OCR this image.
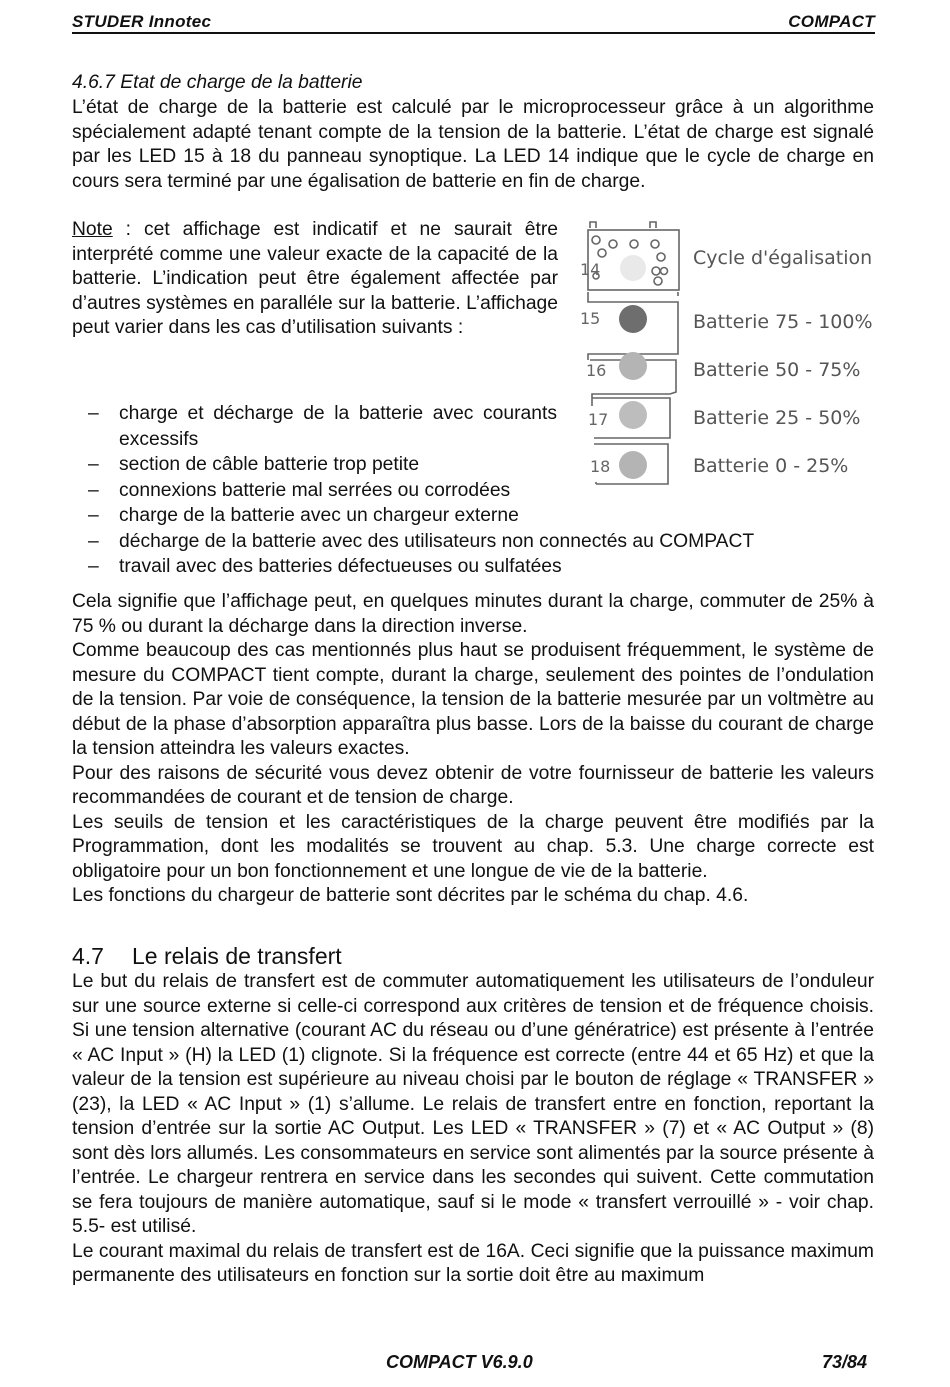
STUDER Innotec	COMPACT
4.6.7 Etat de charge de la batterie

L’état de charge de la batterie est calculé par le microprocesseur grâce à un algorithme spécialement adapté tenant compte de la tension de la batterie. L’état de charge est signalé par les LED 15 à 18 du panneau synoptique. La LED 14 indique que le cycle de charge en cours sera terminé par une égalisation de batterie en fin de charge.

Note : cet affichage est indicatif et ne saurait être interprété comme une valeur exacte de la capacité de la batterie. L’indication peut être également affectée par d’autres systèmes en paralléle sur la batterie. L’affichage peut varier dans les cas d’utilisation suivants :

– charge et décharge de la batterie avec courants excessifs
– section de câble batterie trop petite
– connexions batterie mal serrées ou corrodées
– charge de la batterie avec un chargeur externe
– décharge de la batterie avec des utilisateurs non connectés au COMPACT
– travail avec des batteries défectueuses ou sulfatées

Cela signifie que l’affichage peut, en quelques minutes durant la charge, commuter de 25% à 75 % ou durant la décharge dans la direction inverse.

Comme beaucoup des cas mentionnés plus haut se produisent fréquemment, le système de mesure du COMPACT tient compte, durant la charge, seulement des pointes de l’ondulation de la tension. Par voie de conséquence, la tension de la batterie mesurée par un voltmètre au début de la phase d’absorption apparaîtra plus basse. Lors de la baisse du courant de charge la tension atteindra les valeurs exactes.

Pour des raisons de sécurité vous devez obtenir de votre fournisseur de batterie les valeurs recommandées de courant et de tension de charge.

Les seuils de tension et les caractéristiques de la charge peuvent être modifiés par la Programmation, dont les modalités se trouvent au chap. 5.3. Une charge correcte est obligatoire pour un bon fonctionnement et une longue de vie de la batterie.

Les fonctions du chargeur de batterie sont décrites par le schéma du chap. 4.6.

4.7 Le relais de transfert

Le but du relais de transfert est de commuter automatiquement les utilisateurs de l’onduleur sur une source externe si celle-ci correspond aux critères de tension et de fréquence choisis. Si une tension alternative (courant AC du réseau ou d’une génératrice) est présente à l’entrée « AC Input » (H) la LED (1) clignote. Si la fréquence est correcte (entre 44 et 65 Hz) et que la valeur de la tension est supérieure au niveau choisi par le bouton de réglage « TRANSFER » (23), la LED « AC Input » (1) s’allume. Le relais de transfert entre en fonction, reportant la tension d’entrée sur la sortie AC Output. Les LED « TRANSFER » (7) et « AC Output » (8) sont dès lors allumés. Les consommateurs en service sont alimentés par la source présente à l’entrée. Le chargeur rentrera en service dans les secondes qui suivent. Cette commutation se fera toujours de manière automatique, sauf si le mode « transfert verrouillé » - voir chap. 5.5- est utilisé.

Le courant maximal du relais de transfert est de 16A. Ceci signifie que la puissance maximum permanente des utilisateurs en fonction sur la sortie doit être au maximum

14
15
16
17
18
Cycle d'égalisation
Batterie 75 - 100%
Batterie 50 - 75%
Batterie 25 - 50%
Batterie 0 - 25%
COMPACT V6.9.0	73/84
